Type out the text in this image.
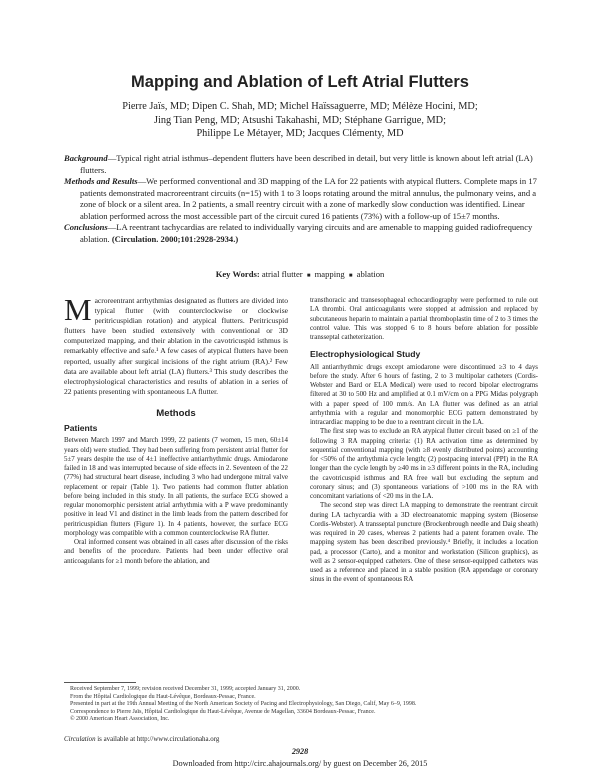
Mapping and Ablation of Left Atrial Flutters
Pierre Jaïs, MD; Dipen C. Shah, MD; Michel Haïssaguerre, MD; Mélèze Hocini, MD;
Jing Tian Peng, MD; Atsushi Takahashi, MD; Stéphane Garrigue, MD;
Philippe Le Métayer, MD; Jacques Clémenty, MD

Background—Typical right atrial isthmus–dependent flutters have been described in detail, but very little is known about left atrial (LA) flutters.

Methods and Results—We performed conventional and 3D mapping of the LA for 22 patients with atypical flutters. Complete maps in 17 patients demonstrated macroreentrant circuits (n=15) with 1 to 3 loops rotating around the mitral annulus, the pulmonary veins, and a zone of block or a silent area. In 2 patients, a small reentry circuit with a zone of markedly slow conduction was identified. Linear ablation performed across the most accessible part of the circuit cured 16 patients (73%) with a follow-up of 15±7 months.

Conclusions—LA reentrant tachycardias are related to individually varying circuits and are amenable to mapping guided radiofrequency ablation. (Circulation. 2000;101:2928-2934.)

Key Words: atrial flutter ■ mapping ■ ablation

Macroreentrant arrhythmias designated as flutters are divided into typical flutter (with counterclockwise or clockwise peritricuspidian rotation) and atypical flutters. Peritricuspid flutters have been studied extensively with conventional or 3D computerized mapping, and their ablation in the cavotricuspid isthmus is remarkably effective and safe.¹ A few cases of atypical flutters have been reported, usually after surgical incisions of the right atrium (RA).² Few data are available about left atrial (LA) flutters.³ This study describes the electrophysiological characteristics and results of ablation in a series of 22 patients presenting with spontaneous LA flutter.

Methods
Patients

Between March 1997 and March 1999, 22 patients (7 women, 15 men, 60±14 years old) were studied. They had been suffering from persistent atrial flutter for 5±7 years despite the use of 4±1 ineffective antiarrhythmic drugs. Amiodarone failed in 18 and was interrupted because of side effects in 2. Seventeen of the 22 (77%) had structural heart disease, including 3 who had undergone mitral valve replacement or repair (Table 1). Two patients had common flutter ablation before being included in this study. In all patients, the surface ECG showed a regular monomorphic persistent atrial arrhythmia with a P wave predominantly positive in lead V1 and distinct in the limb leads from the pattern described for peritricuspidian flutters (Figure 1). In 4 patients, however, the surface ECG morphology was compatible with a common counterclockwise RA flutter.

Oral informed consent was obtained in all cases after discussion of the risks and benefits of the procedure. Patients had been under effective oral anticoagulants for ≥1 month before the ablation, and

transthoracic and transesophageal echocardiography were performed to rule out LA thrombi. Oral anticoagulants were stopped at admission and replaced by subcutaneous heparin to maintain a partial thromboplastin time of 2 to 3 times the control value. This was stopped 6 to 8 hours before ablation for possible transseptal catheterization.

Electrophysiological Study

All antiarrhythmic drugs except amiodarone were discontinued ≥3 to 4 days before the study. After 6 hours of fasting, 2 to 3 multipolar catheters (Cordis-Webster and Bard or ELA Medical) were used to record bipolar electrograms filtered at 30 to 500 Hz and amplified at 0.1 mV/cm on a PPG Midas polygraph with a paper speed of 100 mm/s. An LA flutter was defined as an atrial arrhythmia with a regular and monomorphic ECG pattern demonstrated by intracardiac mapping to be due to a reentrant circuit in the LA.

The first step was to exclude an RA atypical flutter circuit based on ≥1 of the following 3 RA mapping criteria: (1) RA activation time as determined by sequential conventional mapping (with ≥8 evenly distributed points) accounting for <50% of the arrhythmia cycle length; (2) postpacing interval (PPI) in the RA longer than the cycle length by ≥40 ms in ≥3 different points in the RA, including the cavotricuspid isthmus and RA free wall but excluding the septum and coronary sinus; and (3) spontaneous variations of >100 ms in the RA with concomitant variations of <20 ms in the LA.

The second step was direct LA mapping to demonstrate the reentrant circuit during LA tachycardia with a 3D electroanatomic mapping system (Biosense Cordis-Webster). A transseptal puncture (Brockenbrough needle and Daig sheath) was required in 20 cases, whereas 2 patients had a patent foramen ovale. The mapping system has been described previously.⁴ Briefly, it includes a location pad, a processor (Carto), and a monitor and workstation (Silicon graphics), as well as 2 sensor-equipped catheters. One of these sensor-equipped catheters was used as a reference and placed in a stable position (RA appendage or coronary sinus in the event of spontaneous RA

Received September 7, 1999; revision received December 31, 1999; accepted January 31, 2000.

From the Hôpital Cardiologique du Haut-Lévêque, Bordeaux-Pessac, France.

Presented in part at the 19th Annual Meeting of the North American Society of Pacing and Electrophysiology, San Diego, Calif, May 6–9, 1998.

Correspondence to Pierre Jaïs, Hôpital Cardiologique du Haut-Lévêque, Avenue de Magellan, 33604 Bordeaux-Pessac, France.

© 2000 American Heart Association, Inc.

Circulation is available at http://www.circulationaha.org
2928
Downloaded from http://circ.ahajournals.org/ by guest on December 26, 2015
